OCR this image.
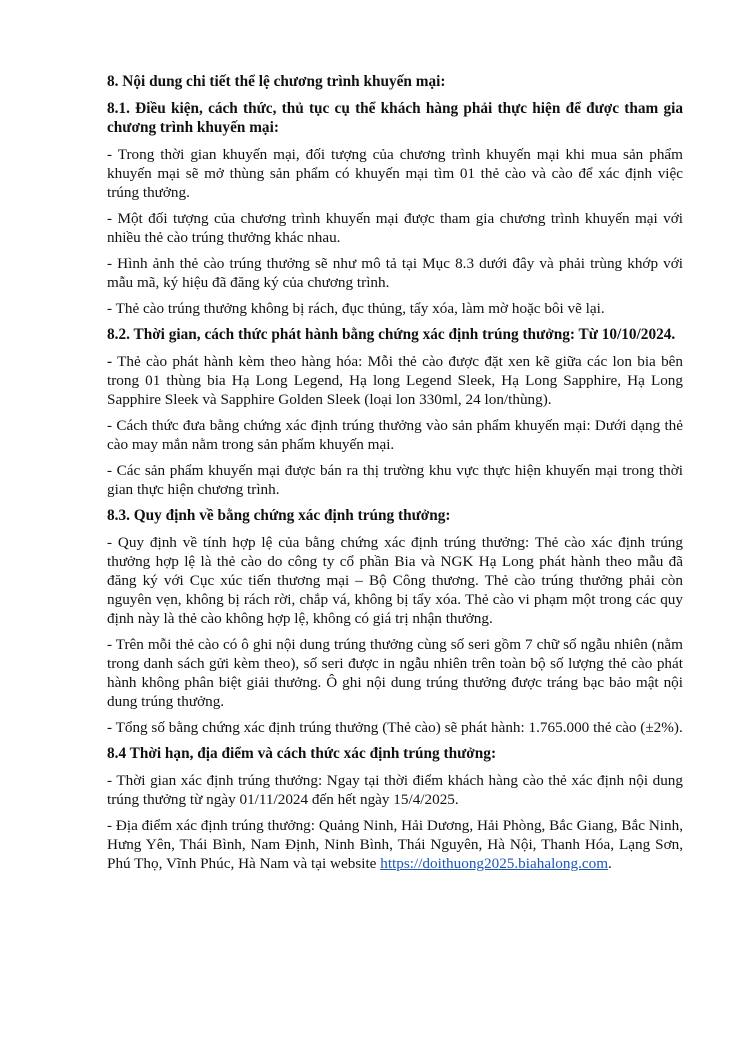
8. Nội dung chi tiết thể lệ chương trình khuyến mại:
8.1. Điều kiện, cách thức, thủ tục cụ thể khách hàng phải thực hiện để được tham gia chương trình khuyến mại:
- Trong thời gian khuyến mại, đối tượng của chương trình khuyến mại khi mua sản phẩm khuyến mại sẽ mở thùng sản phẩm có khuyến mại tìm 01 thẻ cào và cào để xác định việc trúng thưởng.
- Một đối tượng của chương trình khuyến mại được tham gia chương trình khuyến mại với nhiều thẻ cào trúng thưởng khác nhau.
- Hình ảnh thẻ cào trúng thưởng sẽ như mô tả tại Mục 8.3 dưới đây và phải trùng khớp với mẫu mã, ký hiệu đã đăng ký của chương trình.
- Thẻ cào trúng thưởng không bị rách, đục thủng, tẩy xóa, làm mờ hoặc bôi vẽ lại.
8.2. Thời gian, cách thức phát hành bằng chứng xác định trúng thưởng: Từ 10/10/2024.
- Thẻ cào phát hành kèm theo hàng hóa: Mỗi thẻ cào được đặt xen kẽ giữa các lon bia bên trong 01 thùng bia Hạ Long Legend, Hạ long Legend Sleek, Hạ Long Sapphire, Hạ Long Sapphire Sleek và Sapphire Golden Sleek (loại lon 330ml, 24 lon/thùng).
- Cách thức đưa bằng chứng xác định trúng thưởng vào sản phẩm khuyến mại: Dưới dạng thẻ cào may mắn nằm trong sản phẩm khuyến mại.
- Các sản phẩm khuyến mại được bán ra thị trường khu vực thực hiện khuyến mại trong thời gian thực hiện chương trình.
8.3. Quy định về bằng chứng xác định trúng thưởng:
- Quy định về tính hợp lệ của bằng chứng xác định trúng thưởng: Thẻ cào xác định trúng thưởng hợp lệ là thẻ cào do công ty cổ phần Bia và NGK Hạ Long phát hành theo mẫu đã đăng ký với Cục xúc tiến thương mại – Bộ Công thương. Thẻ cào trúng thưởng phải còn nguyên vẹn, không bị rách rời, chắp vá, không bị tẩy xóa. Thẻ cào vi phạm một trong các quy định này là thẻ cào không hợp lệ, không có giá trị nhận thưởng.
- Trên mỗi thẻ cào có ô ghi nội dung trúng thưởng cùng số seri gồm 7 chữ số ngẫu nhiên (nằm trong danh sách gửi kèm theo), số seri được in ngẫu nhiên trên toàn bộ số lượng thẻ cào phát hành không phân biệt giải thưởng. Ô ghi nội dung trúng thưởng được tráng bạc bảo mật nội dung trúng thưởng.
- Tổng số bằng chứng xác định trúng thưởng (Thẻ cào) sẽ phát hành: 1.765.000 thẻ cào (±2%).
8.4 Thời hạn, địa điểm và cách thức xác định trúng thưởng:
- Thời gian xác định trúng thưởng: Ngay tại thời điểm khách hàng cào thẻ xác định nội dung trúng thưởng từ ngày 01/11/2024 đến hết ngày 15/4/2025.
- Địa điểm xác định trúng thưởng: Quảng Ninh, Hải Dương, Hải Phòng, Bắc Giang, Bắc Ninh, Hưng Yên, Thái Bình, Nam Định, Ninh Bình, Thái Nguyên, Hà Nội, Thanh Hóa, Lạng Sơn, Phú Thọ, Vĩnh Phúc, Hà Nam và tại website https://doithuong2025.biahalong.com.
